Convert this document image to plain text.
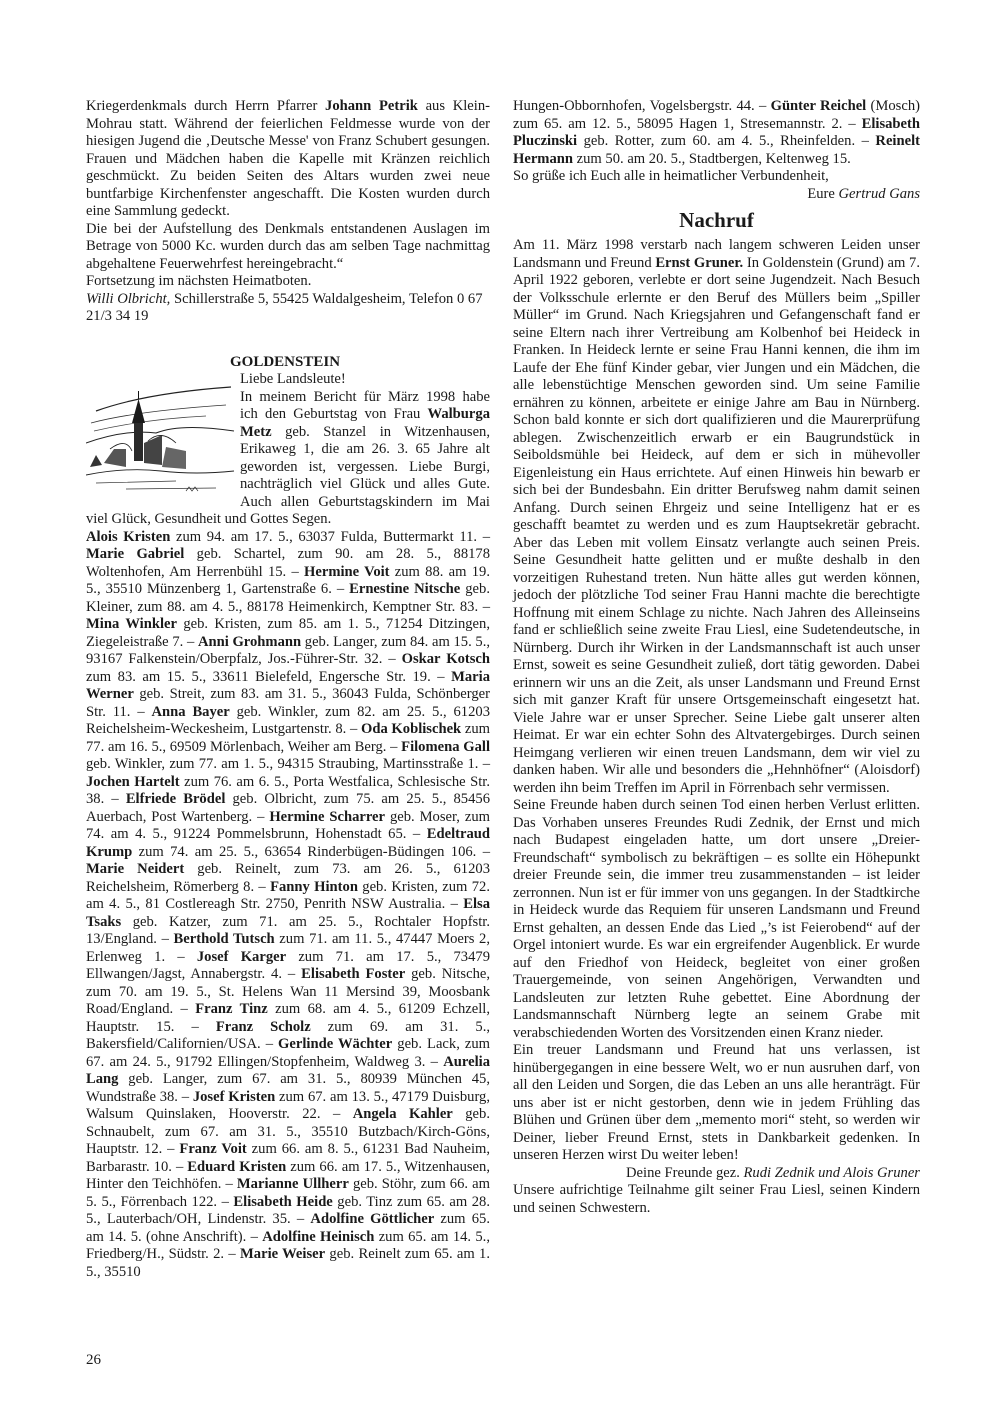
Kriegerdenkmals durch Herrn Pfarrer Johann Petrik aus Klein-Mohrau statt. Während der feierlichen Feldmesse wurde von der hiesigen Jugend die ‚Deutsche Messe' von Franz Schubert gesungen. Frauen und Mädchen haben die Kapelle mit Kränzen reichlich geschmückt. Zu beiden Seiten des Altars wurden zwei neue buntfarbige Kirchenfenster angeschafft. Die Kosten wurden durch eine Sammlung gedeckt.

Die bei der Aufstellung des Denkmals entstandenen Auslagen im Betrage von 5000 Kc. wurden durch das am selben Tage nachmittag abgehaltene Feuerwehrfest hereingebracht.“

Fortsetzung im nächsten Heimatboten.

Willi Olbricht, Schillerstraße 5, 55425 Waldalgesheim, Telefon 0 67 21/3 34 19

GOLDENSTEIN

Liebe Landsleute!

In meinem Bericht für März 1998 habe ich den Geburtstag von Frau Walburga Metz geb. Stanzel in Witzenhausen, Erikaweg 1, die am 26. 3. 65 Jahre alt geworden ist, vergessen. Liebe Burgi, nachträglich viel Glück und alles Gute. Auch allen Geburtstagskindern im Mai viel Glück, Gesundheit und Gottes Segen.

Alois Kristen zum 94. am 17. 5., 63037 Fulda, Buttermarkt 11. – Marie Gabriel geb. Schartel, zum 90. am 28. 5., 88178 Woltenhofen, Am Herrenbühl 15. – Hermine Voit zum 88. am 19. 5., 35510 Münzenberg 1, Gartenstraße 6. – Ernestine Nitsche geb. Kleiner, zum 88. am 4. 5., 88178 Heimenkirch, Kemptner Str. 83. – Mina Winkler geb. Kristen, zum 85. am 1. 5., 71254 Ditzingen, Ziegeleistraße 7. – Anni Grohmann geb. Langer, zum 84. am 15. 5., 93167 Falkenstein/Oberpfalz, Jos.-Führer-Str. 32. – Oskar Kotsch zum 83. am 15. 5., 33611 Bielefeld, Engersche Str. 19. – Maria Werner geb. Streit, zum 83. am 31. 5., 36043 Fulda, Schönberger Str. 11. – Anna Bayer geb. Winkler, zum 82. am 25. 5., 61203 Reichelsheim-Weckesheim, Lustgartenstr. 8. – Oda Koblischek zum 77. am 16. 5., 69509 Mörlenbach, Weiher am Berg. – Filomena Gall geb. Winkler, zum 77. am 1. 5., 94315 Straubing, Martinsstraße 1. – Jochen Hartelt zum 76. am 6. 5., Porta Westfalica, Schlesische Str. 38. – Elfriede Brödel geb. Olbricht, zum 75. am 25. 5., 85456 Auerbach, Post Wartenberg. – Hermine Scharrer geb. Moser, zum 74. am 4. 5., 91224 Pommelsbrunn, Hohenstadt 65. – Edeltraud Krump zum 74. am 25. 5., 63654 Rinderbügen-Büdingen 106. – Marie Neidert geb. Reinelt, zum 73. am 26. 5., 61203 Reichelsheim, Römerberg 8. – Fanny Hinton geb. Kristen, zum 72. am 4. 5., 81 Costlereagh Str. 2750, Penrith NSW Australia. – Elsa Tsaks geb. Katzer, zum 71. am 25. 5., Rochtaler Hopfstr. 13/England. – Berthold Tutsch zum 71. am 11. 5., 47447 Moers 2, Erlenweg 1. – Josef Karger zum 71. am 17. 5., 73479 Ellwangen/Jagst, Annabergstr. 4. – Elisabeth Foster geb. Nitsche, zum 70. am 19. 5., St. Helens Wan 11 Mersind 39, Moosbank Road/England. – Franz Tinz zum 68. am 4. 5., 61209 Echzell, Hauptstr. 15. – Franz Scholz zum 69. am 31. 5., Bakersfield/Californien/USA. – Gerlinde Wächter geb. Lack, zum 67. am 24. 5., 91792 Ellingen/Stopfenheim, Waldweg 3. – Aurelia Lang geb. Langer, zum 67. am 31. 5., 80939 München 45, Wundstraße 38. – Josef Kristen zum 67. am 13. 5., 47179 Duisburg, Walsum Quinslaken, Hooverstr. 22. – Angela Kahler geb. Schnaubelt, zum 67. am 31. 5., 35510 Butzbach/Kirch-Göns, Hauptstr. 12. – Franz Voit zum 66. am 8. 5., 61231 Bad Nauheim, Barbarastr. 10. – Eduard Kristen zum 66. am 17. 5., Witzenhausen, Hinter den Teichhöfen. – Marianne Ullherr geb. Stöhr, zum 66. am 5. 5., Förrenbach 122. – Elisabeth Heide geb. Tinz zum 65. am 28. 5., Lauterbach/OH, Lindenstr. 35. – Adolfine Göttlicher zum 65. am 14. 5. (ohne Anschrift). – Adolfine Heinisch zum 65. am 14. 5., Friedberg/H., Südstr. 2. – Marie Weiser geb. Reinelt zum 65. am 1. 5., 35510

Hungen-Obbornhofen, Vogelsbergstr. 44. – Günter Reichel (Mosch) zum 65. am 12. 5., 58095 Hagen 1, Stresemannstr. 2. – Elisabeth Pluczinski geb. Rotter, zum 60. am 4. 5., Rheinfelden. – Reinelt Hermann zum 50. am 20. 5., Stadtbergen, Keltenweg 15.

So grüße ich Euch alle in heimatlicher Verbundenheit,

Eure Gertrud Gans

Nachruf

Am 11. März 1998 verstarb nach langem schweren Leiden unser Landsmann und Freund Ernst Gruner. In Goldenstein (Grund) am 7. April 1922 geboren, verlebte er dort seine Jugendzeit. Nach Besuch der Volksschule erlernte er den Beruf des Müllers beim „Spiller Müller“ im Grund. Nach Kriegsjahren und Gefangenschaft fand er seine Eltern nach ihrer Vertreibung am Kolbenhof bei Heideck in Franken. In Heideck lernte er seine Frau Hanni kennen, die ihm im Laufe der Ehe fünf Kinder gebar, vier Jungen und ein Mädchen, die alle lebenstüchtige Menschen geworden sind. Um seine Familie ernähren zu können, arbeitete er einige Jahre am Bau in Nürnberg. Schon bald konnte er sich dort qualifizieren und die Maurerprüfung ablegen. Zwischenzeitlich erwarb er ein Baugrundstück in Seiboldsmühle bei Heideck, auf dem er sich in mühevoller Eigenleistung ein Haus errichtete. Auf einen Hinweis hin bewarb er sich bei der Bundesbahn. Ein dritter Berufsweg nahm damit seinen Anfang. Durch seinen Ehrgeiz und seine Intelligenz hat er es geschafft beamtet zu werden und es zum Hauptsekretär gebracht. Aber das Leben mit vollem Einsatz verlangte auch seinen Preis. Seine Gesundheit hatte gelitten und er mußte deshalb in den vorzeitigen Ruhestand treten. Nun hätte alles gut werden können, jedoch der plötzliche Tod seiner Frau Hanni machte die berechtigte Hoffnung mit einem Schlage zu nichte. Nach Jahren des Alleinseins fand er schließlich seine zweite Frau Liesl, eine Sudetendeutsche, in Nürnberg. Durch ihr Wirken in der Landsmannschaft ist auch unser Ernst, soweit es seine Gesundheit zuließ, dort tätig geworden. Dabei erinnern wir uns an die Zeit, als unser Landsmann und Freund Ernst sich mit ganzer Kraft für unsere Ortsgemeinschaft eingesetzt hat. Viele Jahre war er unser Sprecher. Seine Liebe galt unserer alten Heimat. Er war ein echter Sohn des Altvatergebirges. Durch seinen Heimgang verlieren wir einen treuen Landsmann, dem wir viel zu danken haben. Wir alle und besonders die „Hehnhöfner“ (Aloisdorf) werden ihn beim Treffen im April in Förrenbach sehr vermissen.

Seine Freunde haben durch seinen Tod einen herben Verlust erlitten. Das Vorhaben unseres Freundes Rudi Zednik, der Ernst und mich nach Budapest eingeladen hatte, um dort unsere „Dreier-Freundschaft“ symbolisch zu bekräftigen – es sollte ein Höhepunkt dreier Freunde sein, die immer treu zusammenstanden – ist leider zerronnen. Nun ist er für immer von uns gegangen. In der Stadtkirche in Heideck wurde das Requiem für unseren Landsmann und Freund Ernst gehalten, an dessen Ende das Lied „’s ist Feierobend“ auf der Orgel intoniert wurde. Es war ein ergreifender Augenblick. Er wurde auf den Friedhof von Heideck, begleitet von einer großen Trauergemeinde, von seinen Angehörigen, Verwandten und Landsleuten zur letzten Ruhe gebettet. Eine Abordnung der Landsmannschaft Nürnberg legte an seinem Grabe mit verabschiedenden Worten des Vorsitzenden einen Kranz nieder.

Ein treuer Landsmann und Freund hat uns verlassen, ist hinübergegangen in eine bessere Welt, wo er nun ausruhen darf, von all den Leiden und Sorgen, die das Leben an uns alle heranträgt. Für uns aber ist er nicht gestorben, denn wie in jedem Frühling das Blühen und Grünen über dem „memento mori“ steht, so werden wir Deiner, lieber Freund Ernst, stets in Dankbarkeit gedenken. In unseren Herzen wirst Du weiter leben!

Deine Freunde gez. Rudi Zednik und Alois Gruner

Unsere aufrichtige Teilnahme gilt seiner Frau Liesl, seinen Kindern und seinen Schwestern.

26
